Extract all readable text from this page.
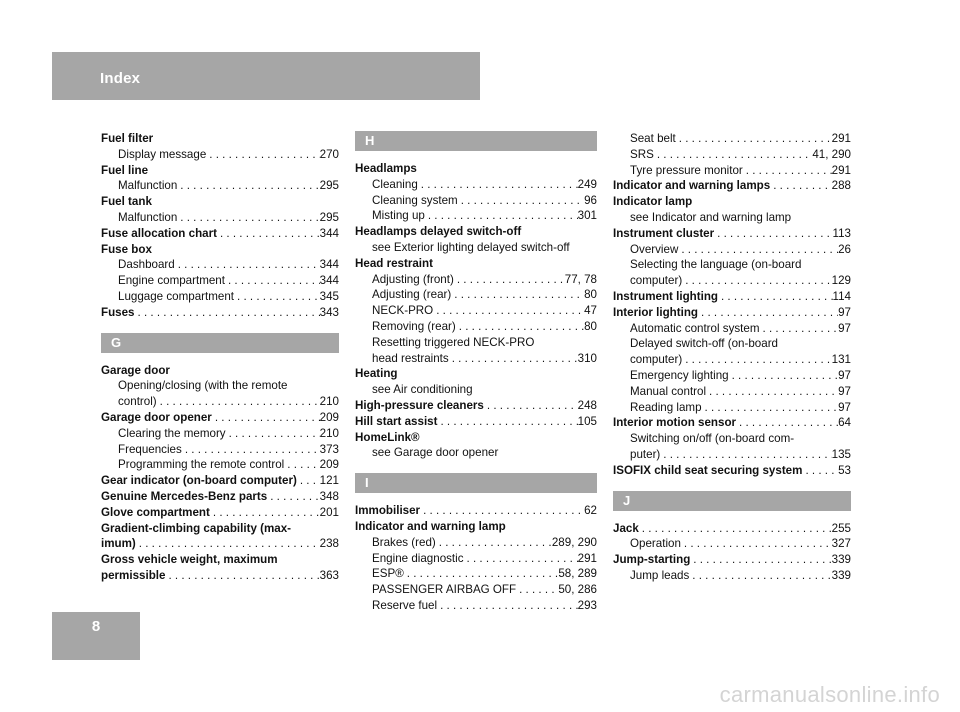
Index
Fuel filter
Display message . . .	270
Fuel line
Malfunction . . .	295
Fuel tank
Malfunction . . .	295
Fuse allocation chart . . .	344
Fuse box
Dashboard . . .	344
Engine compartment . . .	344
Luggage compartment . . .	345
Fuses . . .	343
G
Garage door
Opening/closing (with the remote
control) . . .	210
Garage door opener . . .	209
Clearing the memory . . .	210
Frequencies . . .	373
Programming the remote control . . .	209
Gear indicator (on-board computer) . . . 121
Genuine Mercedes-Benz parts . . .	348
Glove compartment . . .	201
Gradient-climbing capability (max-
imum) . . .	238
Gross vehicle weight, maximum
permissible . . .	363
H
Headlamps
Cleaning . . .	249
Cleaning system . . .	96
Misting up . . .	301
Headlamps delayed switch-off
see Exterior lighting delayed switch-off
Head restraint
Adjusting (front) . . .	77, 78
Adjusting (rear) . . .	80
NECK-PRO . . .	47
Removing (rear) . . .	80
Resetting triggered NECK-PRO
head restraints . . .	310
Heating
see Air conditioning
High-pressure cleaners . . .	248
Hill start assist . . .	105
HomeLink®
see Garage door opener
I
Immobiliser . . .	62
Indicator and warning lamp
Brakes (red) . . .	289, 290
Engine diagnostic . . .	291
ESP® . . .	58, 289
PASSENGER AIRBAG OFF . . .	50, 286
Reserve fuel . . .	293
Seat belt . . .	291
SRS . . .	41, 290
Tyre pressure monitor . . .	291
Indicator and warning lamps . . .	288
Indicator lamp
see Indicator and warning lamp
Instrument cluster . . .	113
Overview . . .	26
Selecting the language (on-board
computer) . . .	129
Instrument lighting . . .	114
Interior lighting . . .	97
Automatic control system . . .	97
Delayed switch-off (on-board
computer) . . .	131
Emergency lighting . . .	97
Manual control . . .	97
Reading lamp . . .	97
Interior motion sensor . . .	64
Switching on/off (on-board com-
puter) . . .	135
ISOFIX child seat securing system . . .	53
J
Jack . . .	255
Operation . . .	327
Jump-starting . . .	339
Jump leads . . .	339
8
carmanualsonline.info
